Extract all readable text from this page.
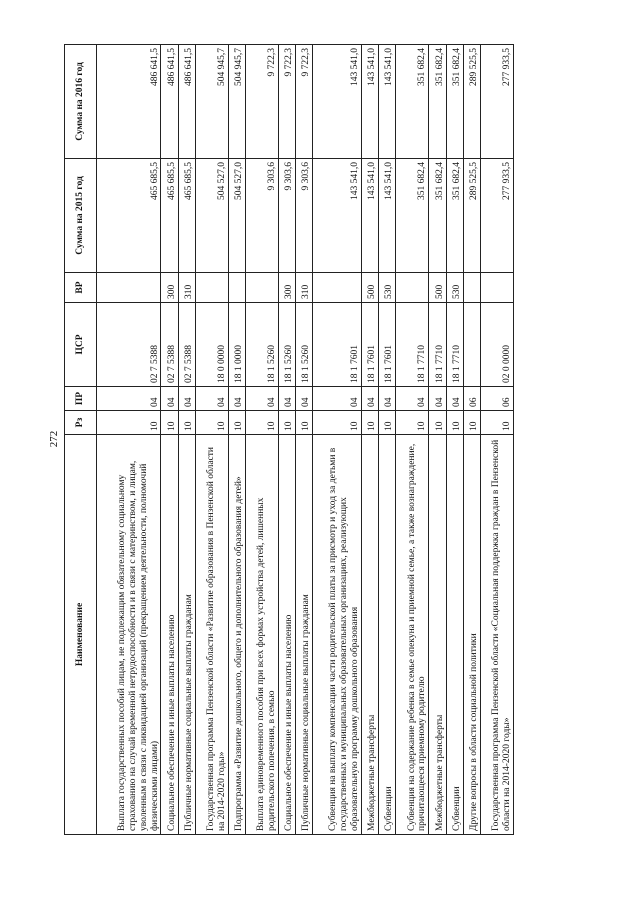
272
Наименование	Рз	ПР	ЦСР	ВР	Сумма на 2015 год	Сумма на 2016 год
Выплата государственных пособий лицам, не подлежащим обязательному социальному страхованию на случай временной нетрудоспособности и в связи с материнством, и лицам, уволенным в связи с ликвидацией организаций (прекращением деятельности, полномочий физическими лицами)	10	04	02 7 5388		465 685,5	486 641,5
Социальное обеспечение и иные выплаты населению	10	04	02 7 5388	300	465 685,5	486 641,5
Публичные нормативные социальные выплаты гражданам	10	04	02 7 5388	310	465 685,5	486 641,5
Государственная программа Пензенской области «Развитие образования в Пензенской области на 2014-2020 годы»	10	04	18 0 0000		504 527,0	504 945,7
Подпрограмма «Развитие дошкольного, общего и дополнительного образования детей»	10	04	18 1 0000		504 527,0	504 945,7
Выплата единовременного пособия при всех формах устройства детей, лишенных родительского попечения, в семью	10	04	18 1 5260		9 303,6	9 722,3
Социальное обеспечение и иные выплаты населению	10	04	18 1 5260	300	9 303,6	9 722,3
Публичные нормативные социальные выплаты гражданам	10	04	18 1 5260	310	9 303,6	9 722,3
Субвенция на выплату компенсации части родительской платы за присмотр и уход за детьми в государственных и муниципальных образовательных организациях, реализующих образовательную программу дошкольного образования	10	04	18 1 7601		143 541,0	143 541,0
Межбюджетные трансферты	10	04	18 1 7601	500	143 541,0	143 541,0
Субвенции	10	04	18 1 7601	530	143 541,0	143 541,0
Субвенция на содержание ребенка в семье опекуна и приемной семье, а также вознаграждение, причитающееся приемному родителю	10	04	18 1 7710		351 682,4	351 682,4
Межбюджетные трансферты	10	04	18 1 7710	500	351 682,4	351 682,4
Субвенции	10	04	18 1 7710	530	351 682,4	351 682,4
Другие вопросы в области социальной политики	10	06			289 525,5	289 525,5
Государственная программа Пензенской области «Социальная поддержка граждан в Пензенской области на 2014-2020 годы»	10	06	02 0 0000		277 933,5	277 933,5
